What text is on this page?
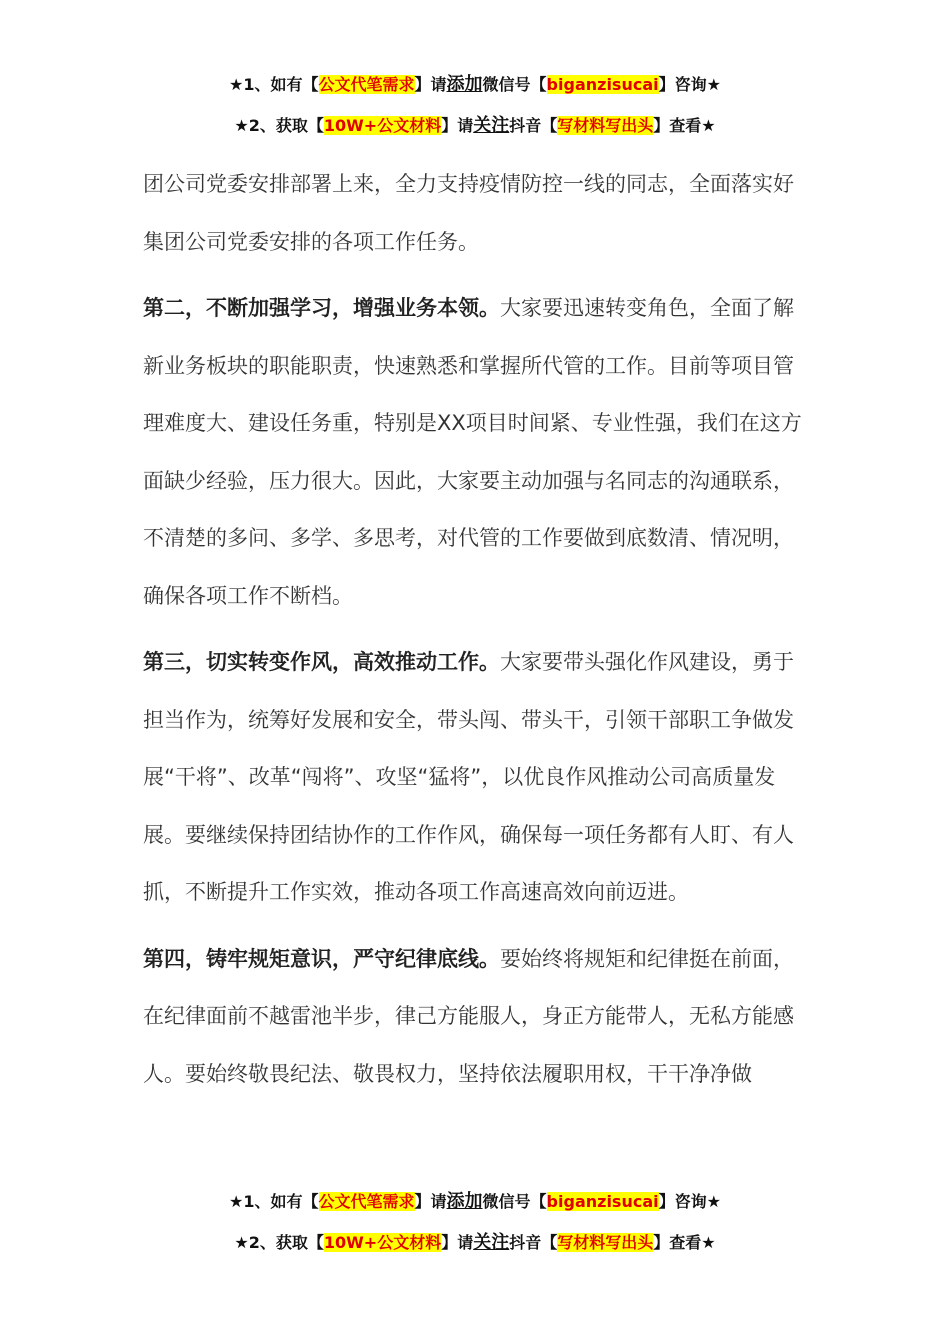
★1、如有【公文代笔需求】请添加微信号【biganzisucai】咨询★
★2、获取【10W+公文材料】请关注抖音【写材料写出头】查看★

团公司党委安排部署上来，全力支持疫情防控一线的同志，全面落实好集团公司党委安排的各项工作任务。

第二，不断加强学习，增强业务本领。大家要迅速转变角色，全面了解新业务板块的职能职责，快速熟悉和掌握所代管的工作。目前等项目管理难度大、建设任务重，特别是XX项目时间紧、专业性强，我们在这方面缺少经验，压力很大。因此，大家要主动加强与名同志的沟通联系，不清楚的多问、多学、多思考，对代管的工作要做到底数清、情况明，确保各项工作不断档。

第三，切实转变作风，高效推动工作。大家要带头强化作风建设，勇于担当作为，统筹好发展和安全，带头闯、带头干，引领干部职工争做发展“干将”、改革“闯将”、攻坚“猛将”，以优良作风推动公司高质量发展。要继续保持团结协作的工作作风，确保每一项任务都有人盯、有人抓，不断提升工作实效，推动各项工作高速高效向前迈进。

第四，铸牢规矩意识，严守纪律底线。要始终将规矩和纪律挺在前面，在纪律面前不越雷池半步，律己方能服人，身正方能带人，无私方能感人。要始终敬畏纪法、敬畏权力，坚持依法履职用权，干干净净做

★1、如有【公文代笔需求】请添加微信号【biganzisucai】咨询★
★2、获取【10W+公文材料】请关注抖音【写材料写出头】查看★
